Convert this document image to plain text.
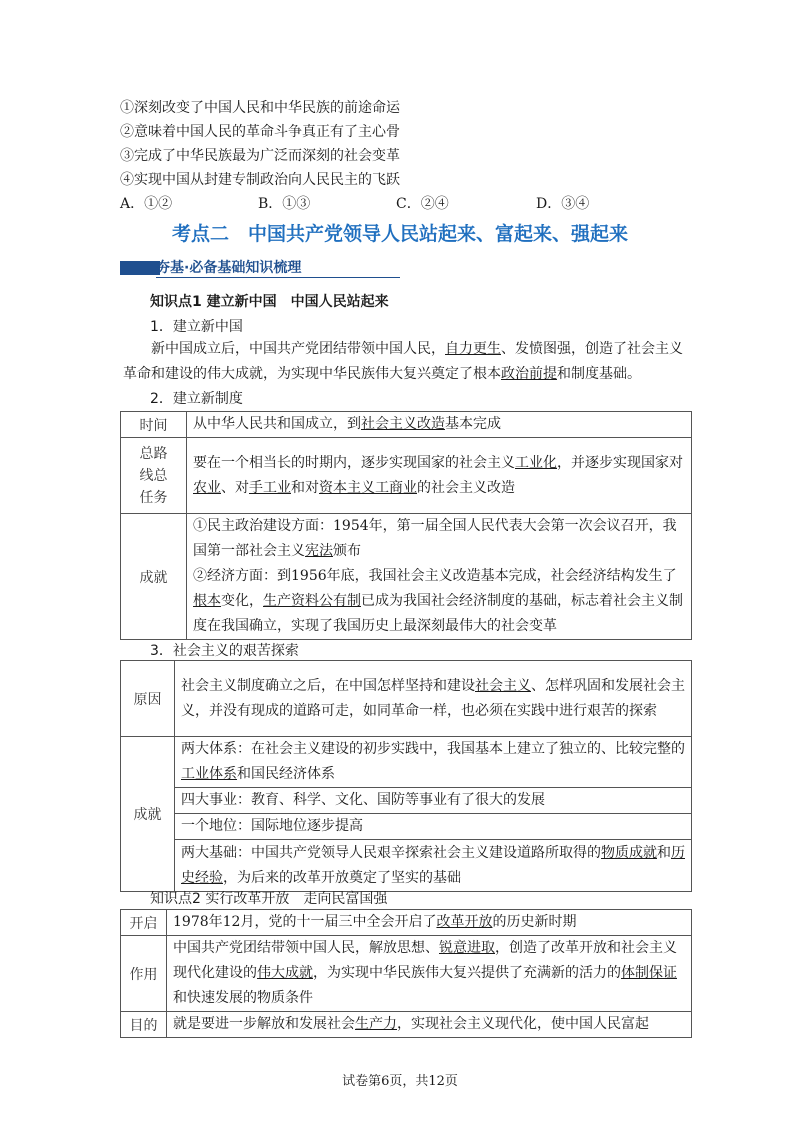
①深刻改变了中国人民和中华民族的前途命运
②意味着中国人民的革命斗争真正有了主心骨
③完成了中华民族最为广泛而深刻的社会变革
④实现中国从封建专制政治向人民民主的飞跃
A．①②	B．①③	C．②④	D．③④
考点二　中国共产党领导人民站起来、富起来、强起来
夯基·必备基础知识梳理
知识点1 建立新中国　中国人民站起来
1．建立新中国
新中国成立后，中国共产党团结带领中国人民，自力更生、发愤图强，创造了社会主义革命和建设的伟大成就，为实现中华民族伟大复兴奠定了根本政治前提和制度基础。
2．建立新制度
时间	从中华人民共和国成立，到社会主义改造基本完成
总路线总任务	要在一个相当长的时期内，逐步实现国家的社会主义工业化，并逐步实现国家对农业、对手工业和对资本主义工商业的社会主义改造
成就	①民主政治建设方面：1954年，第一届全国人民代表大会第一次会议召开，我国第一部社会主义宪法颁布
②经济方面：到1956年底，我国社会主义改造基本完成，社会经济结构发生了根本变化，生产资料公有制已成为我国社会经济制度的基础，标志着社会主义制度在我国确立，实现了我国历史上最深刻最伟大的社会变革
3．社会主义的艰苦探索
原因	社会主义制度确立之后，在中国怎样坚持和建设社会主义、怎样巩固和发展社会主义，并没有现成的道路可走，如同革命一样，也必须在实践中进行艰苦的探索
成就	两大体系：在社会主义建设的初步实践中，我国基本上建立了独立的、比较完整的工业体系和国民经济体系
	四大事业：教育、科学、文化、国防等事业有了很大的发展
	一个地位：国际地位逐步提高
	两大基础：中国共产党领导人民艰辛探索社会主义建设道路所取得的物质成就和历史经验，为后来的改革开放奠定了坚实的基础
知识点2 实行改革开放　走向民富国强
开启	1978年12月，党的十一届三中全会开启了改革开放的历史新时期
作用	中国共产党团结带领中国人民，解放思想、锐意进取，创造了改革开放和社会主义现代化建设的伟大成就，为实现中华民族伟大复兴提供了充满新的活力的体制保证和快速发展的物质条件
目的	就是要进一步解放和发展社会生产力，实现社会主义现代化，使中国人民富起
试卷第6页，共12页
